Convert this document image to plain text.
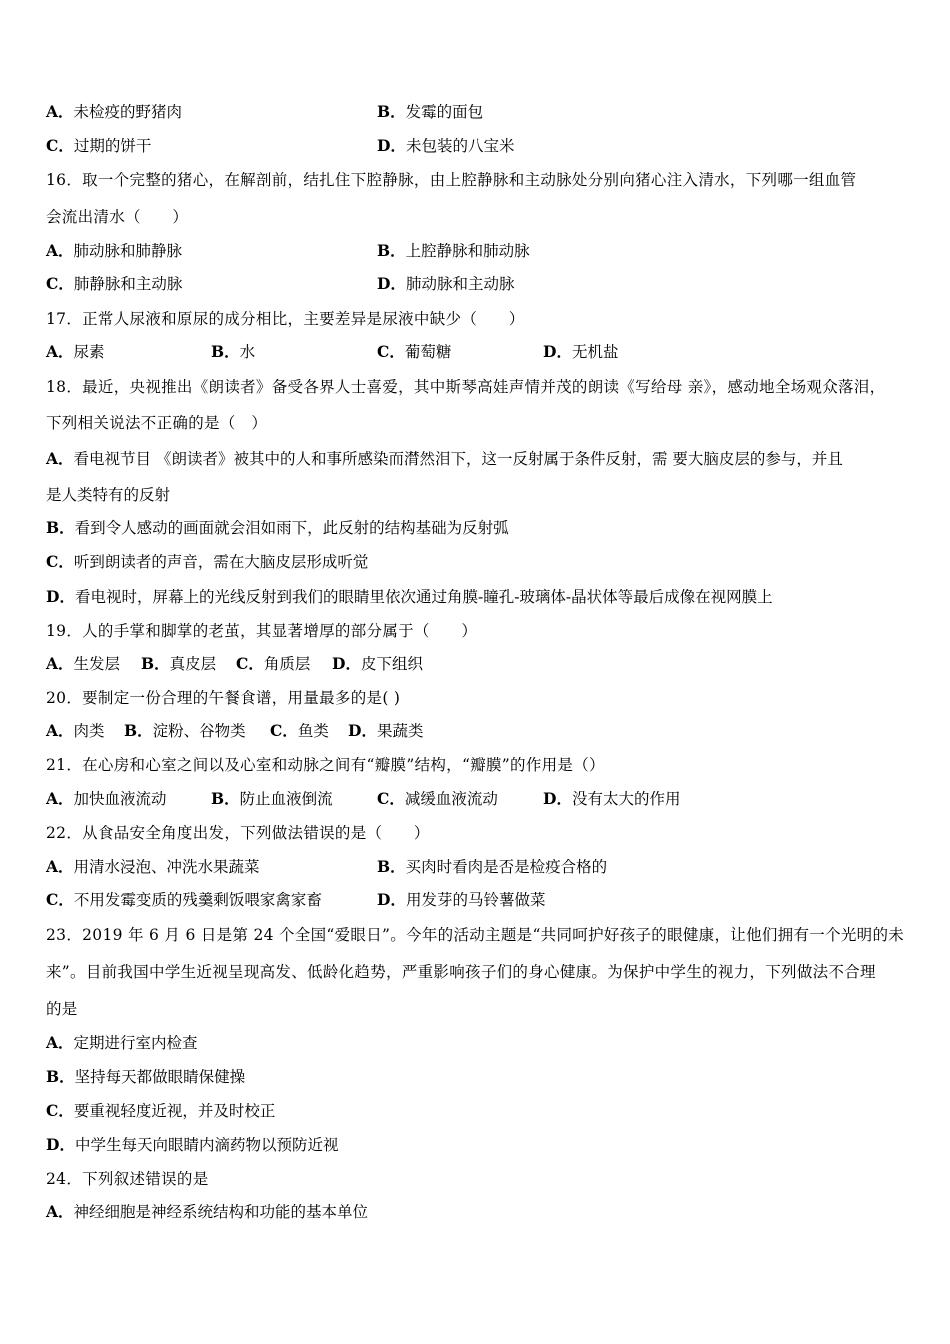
A．未检疫的野猪肉	B．发霉的面包
C．过期的饼干	D．未包装的八宝米
16．取一个完整的猪心，在解剖前，结扎住下腔静脉，由上腔静脉和主动脉处分别向猪心注入清水，下列哪一组血管
会流出清水（　　）
A．肺动脉和肺静脉	B．上腔静脉和肺动脉
C．肺静脉和主动脉	D．肺动脉和主动脉
17．正常人尿液和原尿的成分相比，主要差异是尿液中缺少（　　）
A．尿素	B．水	C．葡萄糖	D．无机盐
18．最近，央视推出《朗读者》备受各界人士喜爱，其中斯琴高娃声情并茂的朗读《写给母 亲》，感动地全场观众落泪，
下列相关说法不正确的是（　）
A．看电视节目 《朗读者》被其中的人和事所感染而潸然泪下，这一反射属于条件反射，需 要大脑皮层的参与，并且
是人类特有的反射
B．看到令人感动的画面就会泪如雨下，此反射的结构基础为反射弧
C．听到朗读者的声音，需在大脑皮层形成听觉
D．看电视时，屏幕上的光线反射到我们的眼睛里依次通过角膜-瞳孔-玻璃体-晶状体等最后成像在视网膜上
19．人的手掌和脚掌的老茧，其显著增厚的部分属于（　　）
A．生发层 B．真皮层 C．角质层 D．皮下组织
20．要制定一份合理的午餐食谱，用量最多的是( )
A．肉类 B．淀粉、谷物类 C．鱼类 D．果蔬类
21．在心房和心室之间以及心室和动脉之间有“瓣膜”结构，“瓣膜”的作用是（）
A．加快血液流动	B．防止血液倒流	C．减缓血液流动	D．没有太大的作用
22．从食品安全角度出发，下列做法错误的是（　　）
A．用清水浸泡、冲洗水果蔬菜	B．买肉时看肉是否是检疫合格的
C．不用发霉变质的残羹剩饭喂家禽家畜	D．用发芽的马铃薯做菜
23．2019 年 6 月 6 日是第 24 个全国“爱眼日”。今年的活动主题是“共同呵护好孩子的眼健康，让他们拥有一个光明的未
来”。目前我国中学生近视呈现高发、低龄化趋势，严重影响孩子们的身心健康。为保护中学生的视力，下列做法不合理
的是
A．定期进行室内检查
B．坚持每天都做眼睛保健操
C．要重视轻度近视，并及时校正
D．中学生每天向眼睛内滴药物以预防近视
24．下列叙述错误的是
A．神经细胞是神经系统结构和功能的基本单位
